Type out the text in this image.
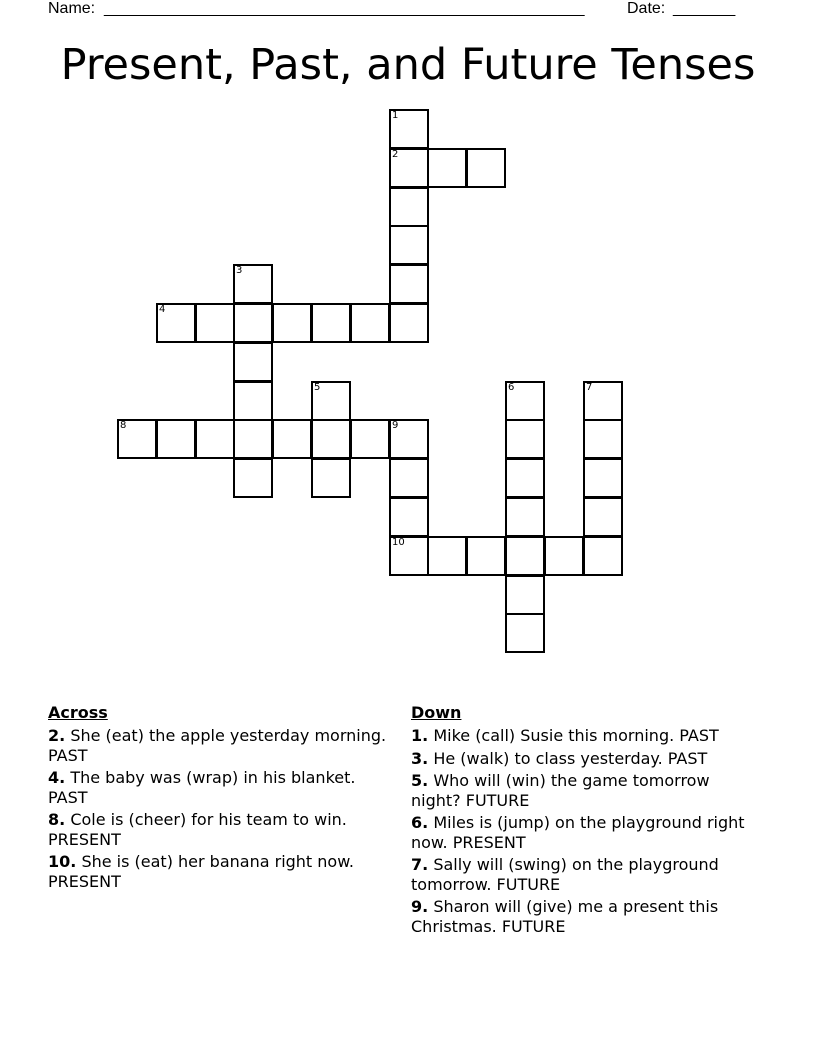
Name: ______________________________________________________	Date: _______
Present, Past, and Future Tenses
1
2
3
4
5	6	7
8	9
10
Across
2. She (eat) the apple yesterday morning. PAST
4. The baby was (wrap) in his blanket. PAST
8. Cole is (cheer) for his team to win. PRESENT
10. She is (eat) her banana right now. PRESENT
Down
1. Mike (call) Susie this morning. PAST
3. He (walk) to class yesterday. PAST
5. Who will (win) the game tomorrow night? FUTURE
6. Miles is (jump) on the playground right now. PRESENT
7. Sally will (swing) on the playground tomorrow. FUTURE
9. Sharon will (give) me a present this Christmas. FUTURE
